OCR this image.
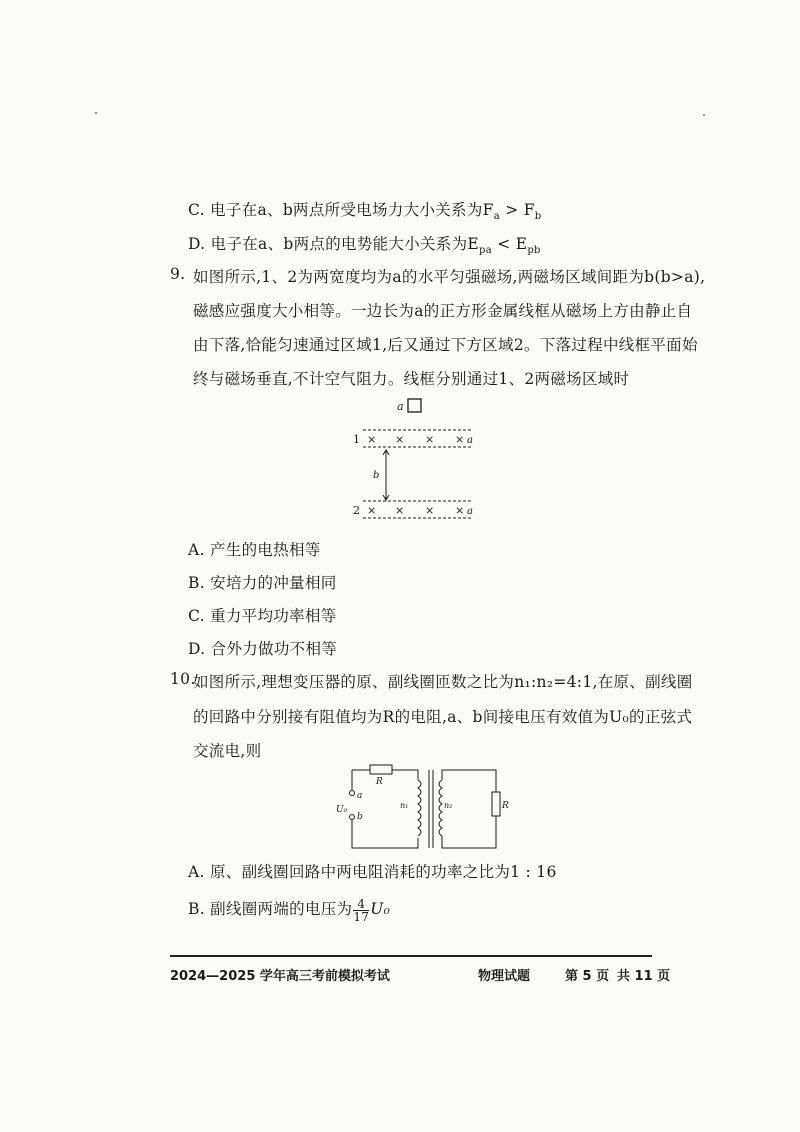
C. 电子在a、b两点所受电场力大小关系为$F_a > F_b$
D. 电子在a、b两点的电势能大小关系为$E_{pa} < E_{pb}$
9. 如图所示,1、2为两宽度均为a的水平匀强磁场,两磁场区域间距为b(b>a),
磁感应强度大小相等。一边长为a的正方形金属线框从磁场上方由静止自
由下落,恰能匀速通过区域1,后又通过下方区域2。下落过程中线框平面始
终与磁场垂直,不计空气阻力。线框分别通过1、2两磁场区域时
a
1 × × × × a
b
2 × × × × a
A. 产生的电热相等
B. 安培力的冲量相同
C. 重力平均功率相等
D. 合外力做功不相等
10.
如图所示,理想变压器的原、副线圈匝数之比为n₁:n₂=4:1,在原、副线圈
的回路中分别接有阻值均为R的电阻,a、b间接电压有效值为U₀的正弦式
交流电,则
R
a
U₀
b
n₁	n₂	R
A. 原、副线圈回路中两电阻消耗的功率之比为1 : 16
B. 副线圈两端的电压为 $\frac{4}{17} U_0$
2024—2025 学年高三考前模拟考试	物理试题	第 5 页 共 11 页
